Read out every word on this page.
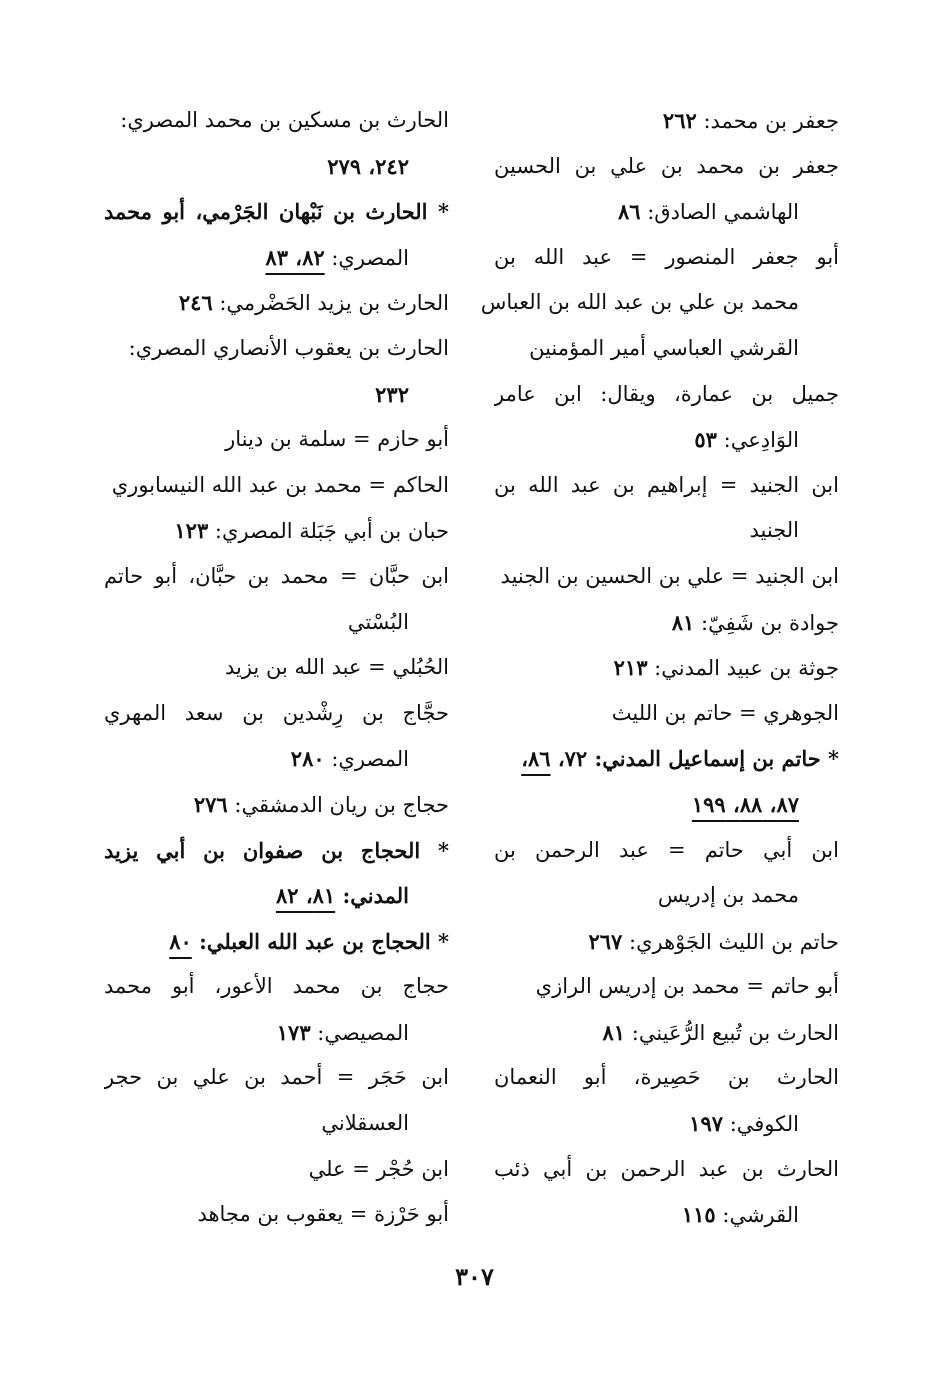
جعفر بن محمد: ٢٦٢
جعفر بن محمد بن علي بن الحسين
الهاشمي الصادق: ٨٦
أبو جعفر المنصور = عبد الله بن
محمد بن علي بن عبد الله بن العباس
القرشي العباسي أمير المؤمنين
جميل بن عمارة، ويقال: ابن عامر
الوَادِعي: ٥٣
ابن الجنيد = إبراهيم بن عبد الله بن
الجنيد
ابن الجنيد = علي بن الحسين بن الجنيد
جوادة بن شَفِيّ: ٨١
جوثة بن عبيد المدني: ٢١٣
الجوهري = حاتم بن الليث
* حاتم بن إسماعيل المدني: ٧٢، ٨٦،
٨٧، ٨٨، ١٩٩
ابن أبي حاتم = عبد الرحمن بن
محمد بن إدريس
حاتم بن الليث الجَوْهري: ٢٦٧
أبو حاتم = محمد بن إدريس الرازي
الحارث بن تُبيع الرُّعَيني: ٨١
الحارث بن حَصِيرة، أبو النعمان
الكوفي: ١٩٧
الحارث بن عبد الرحمن بن أبي ذئب
القرشي: ١١٥
الحارث بن مسكين بن محمد المصري:
٢٤٢، ٢٧٩
* الحارث بن نَبْهان الجَرْمي، أبو محمد
المصري: ٨٢، ٨٣
الحارث بن يزيد الحَضْرمي: ٢٤٦
الحارث بن يعقوب الأنصاري المصري:
٢٣٢
أبو حازم = سلمة بن دينار
الحاكم = محمد بن عبد الله النيسابوري
حبان بن أبي جَبَلة المصري: ١٢٣
ابن حبَّان = محمد بن حبَّان، أبو حاتم
البُسْتي
الحُبُلي = عبد الله بن يزيد
حجَّاج بن رِشْدين بن سعد المهري
المصري: ٢٨٠
حجاج بن ريان الدمشقي: ٢٧٦
* الحجاج بن صفوان بن أبي يزيد
المدني: ٨١، ٨٢
* الحجاج بن عبد الله العبلي: ٨٠
حجاج بن محمد الأعور، أبو محمد
المصيصي: ١٧٣
ابن حَجَر = أحمد بن علي بن حجر
العسقلاني
ابن حُجْر = علي
أبو حَرْزة = يعقوب بن مجاهد
٣٠٧
